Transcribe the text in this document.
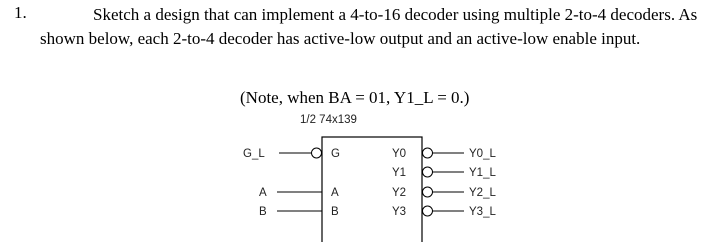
1.	Sketch a design that can implement a 4-to-16 decoder using multiple 2-to-4 decoders. As shown below, each 2-to-4 decoder has active-low output and an active-low enable input.

(Note, when BA = 01, Y1_L = 0.)
1/2 74x139
G_L	G
A	A
B	B
Y0	Y0_L
Y1	Y1_L
Y2	Y2_L
Y3	Y3_L
